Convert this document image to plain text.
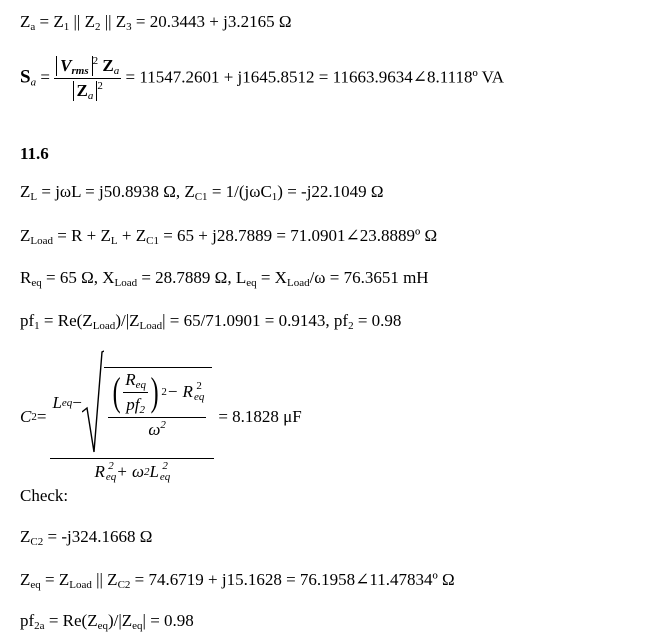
$Z_a = Z_1$ || $Z_2$ || $Z_3 = 20.3443 + j3.2165$ Ω
$S_a = \frac{V_{rms}^2 Z_a}{Z_a^2} = 11547.2601 + j1645.8512$ = 11663.9634∠8.1118º VA
11.6
$Z_L = j\omega L = j50.8938$ Ω, $Z_{C1} = 1/(j\omega C_1) = -j22.1049$ Ω
$Z_{Load} = R + Z_L + Z_{C1} = 65 + j28.7889$ = 71.0901∠23.8889º Ω
$R_{eq} = 65$ Ω, $X_{Load} = 28.7889$ Ω, $L_{eq} = X_{Load}/\omega = 76.3651$ mH
$pf_1 = Re(Z_{Load})/|Z_{Load}| = 65/71.0901 = 0.9143$, $pf_2 = 0.98$
C 2 =
L eq − ( $\frac{R_{eq}}{pf_2}$ ) 2 − R 2
eq
$\omega^2$
R 2
eq + ω 2 L 2
eq
= 8.1828 μF
Check:
$Z_{C2} = -j324.1668$ Ω
$Z_{eq} = Z_{Load}$ || $Z_{C2} = 74.6719 + j15.1628$ = 76.1958∠11.47834º Ω
$pf_{2a} = Re(Z_{eq})/|Z_{eq}| = 0.98$
